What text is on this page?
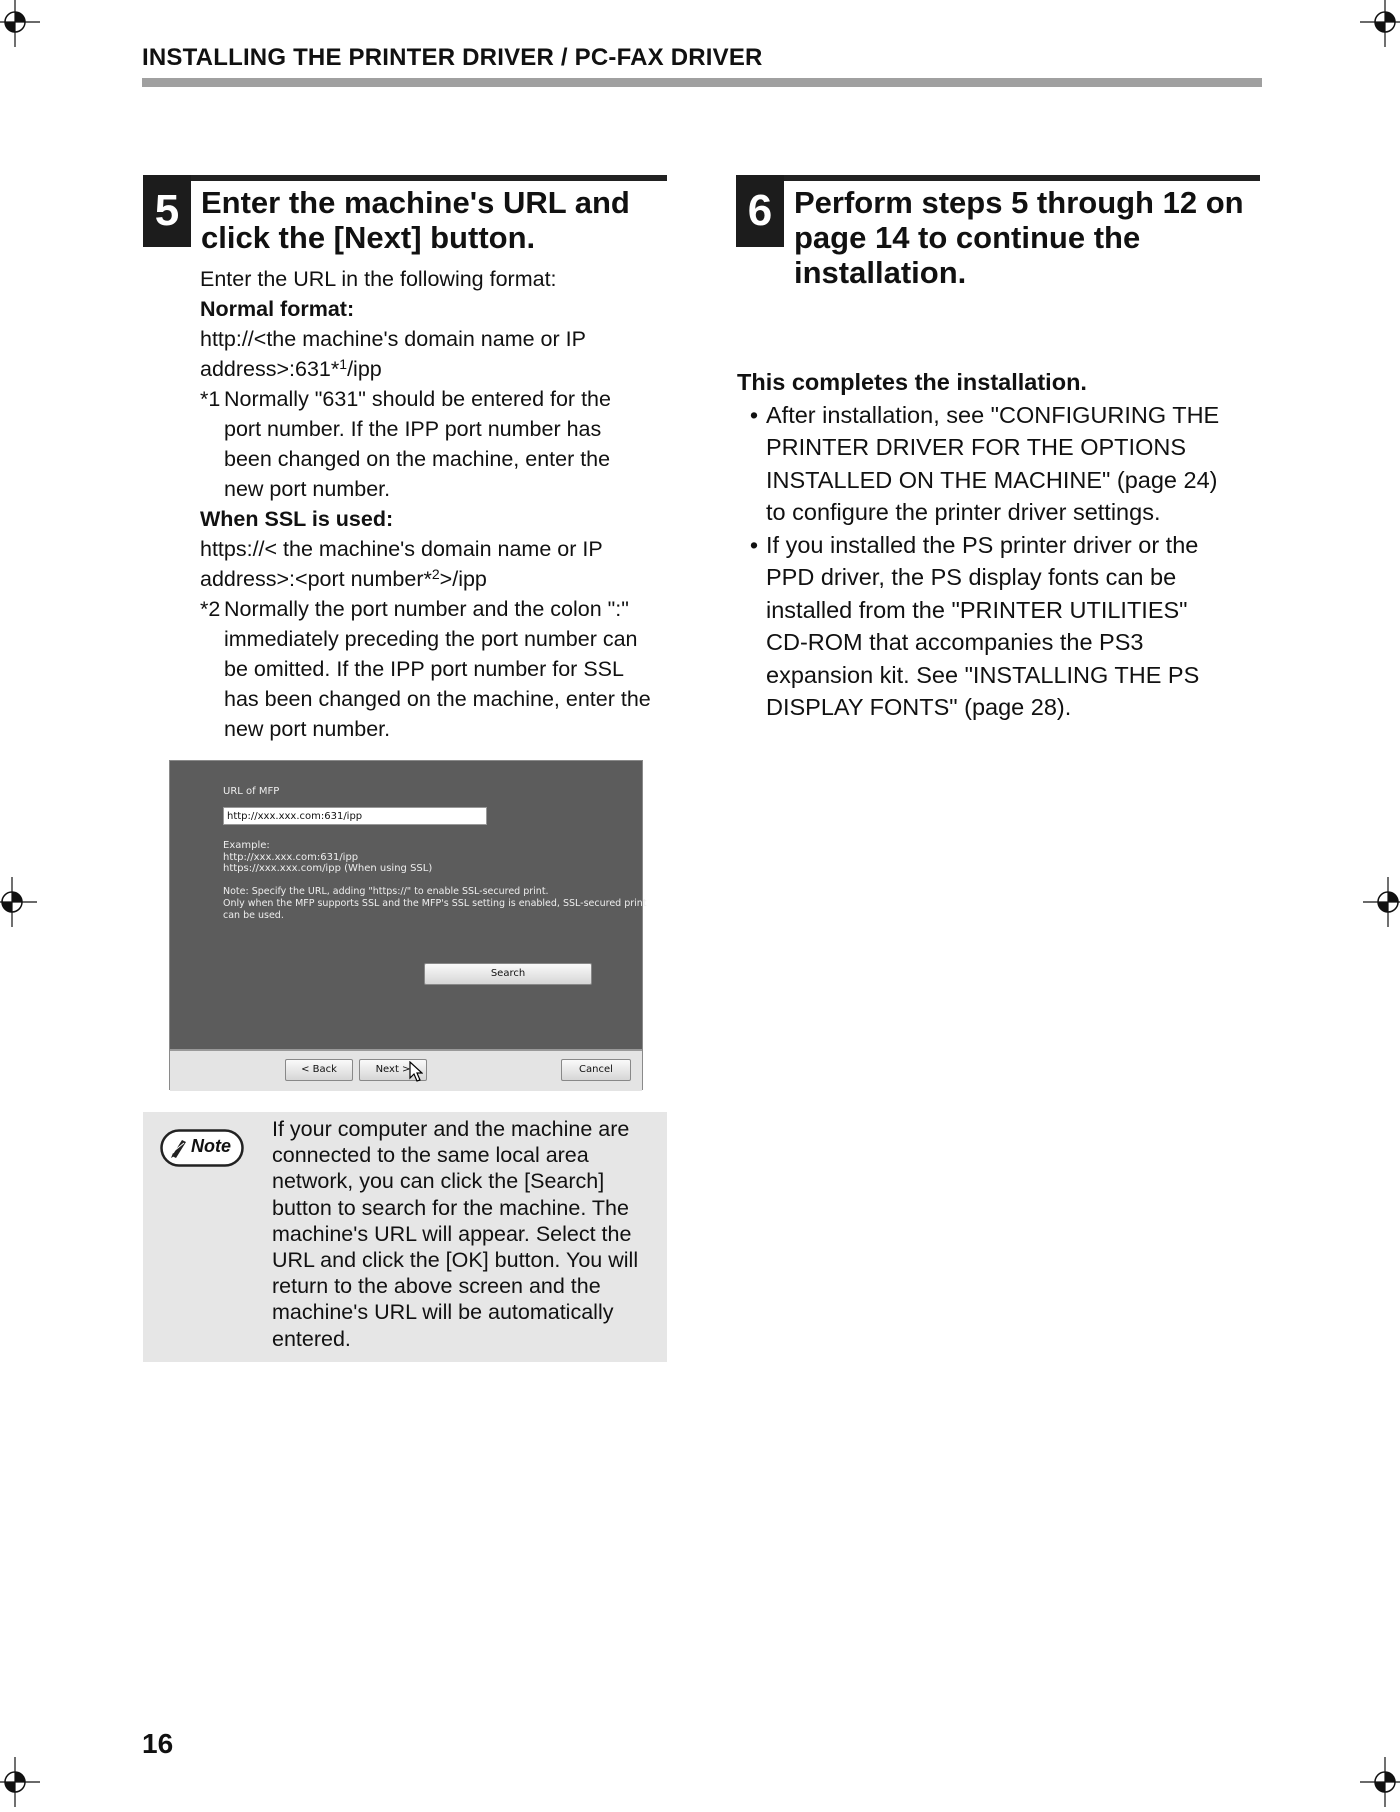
INSTALLING THE PRINTER DRIVER / PC-FAX DRIVER
5 Enter the machine's URL and
click the [Next] button.
Enter the URL in the following format:
Normal format:
http://<the machine's domain name or IP
address>:631*$^1$/ipp
*1 Normally "631" should be entered for the
port number. If the IPP port number has
been changed on the machine, enter the
new port number.
When SSL is used:
https://< the machine's domain name or IP
address>:<port number*$^2$>/ipp
*2 Normally the port number and the colon ":"
immediately preceding the port number can
be omitted. If the IPP port number for SSL
has been changed on the machine, enter the
new port number.
URL of MFP
http://xxx.xxx.com:631/ipp
Example:
http://xxx.xxx.com:631/ipp
https://xxx.xxx.com/ipp (When using SSL)
Note: Specify the URL, adding "https://" to enable SSL-secured print.
Only when the MFP supports SSL and the MFP's SSL setting is enabled, SSL-secured print
can be used.
Search
< Back	Next >	Cancel
Note
If your computer and the machine are
connected to the same local area
network, you can click the [Search]
button to search for the machine. The
machine's URL will appear. Select the
URL and click the [OK] button. You will
return to the above screen and the
machine's URL will be automatically
entered.
6 Perform steps 5 through 12 on
page 14 to continue the
installation.
This completes the installation.
• After installation, see "CONFIGURING THE
PRINTER DRIVER FOR THE OPTIONS
INSTALLED ON THE MACHINE" (page 24)
to configure the printer driver settings.
• If you installed the PS printer driver or the
PPD driver, the PS display fonts can be
installed from the "PRINTER UTILITIES"
CD-ROM that accompanies the PS3
expansion kit. See "INSTALLING THE PS
DISPLAY FONTS" (page 28).
16
